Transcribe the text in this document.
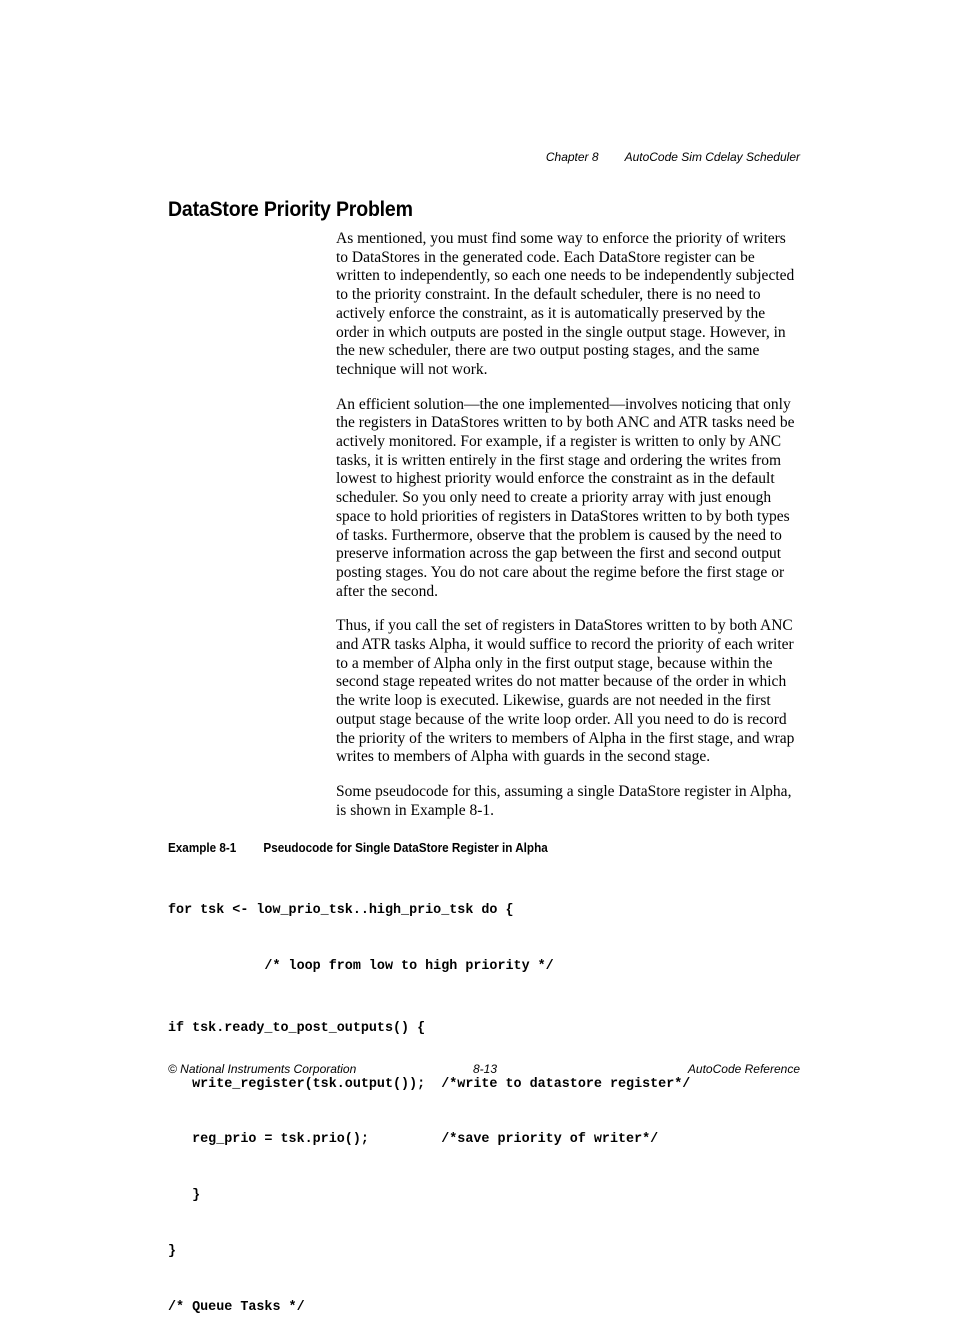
Chapter 8 AutoCode Sim Cdelay Scheduler
DataStore Priority Problem

As mentioned, you must find some way to enforce the priority of writers to DataStores in the generated code. Each DataStore register can be written to independently, so each one needs to be independently subjected to the priority constraint. In the default scheduler, there is no need to actively enforce the constraint, as it is automatically preserved by the order in which outputs are posted in the single output stage. However, in the new scheduler, there are two output posting stages, and the same technique will not work.

An efficient solution—the one implemented—involves noticing that only the registers in DataStores written to by both ANC and ATR tasks need be actively monitored. For example, if a register is written to only by ANC tasks, it is written entirely in the first stage and ordering the writes from lowest to highest priority would enforce the constraint as in the default scheduler. So you only need to create a priority array with just enough space to hold priorities of registers in DataStores written to by both types of tasks. Furthermore, observe that the problem is caused by the need to preserve information across the gap between the first and second output posting stages. You do not care about the regime before the first stage or after the second.

Thus, if you call the set of registers in DataStores written to by both ANC and ATR tasks Alpha, it would suffice to record the priority of each writer to a member of Alpha only in the first output stage, because within the second stage repeated writes do not matter because of the order in which the write loop is executed. Likewise, guards are not needed in the first output stage because of the write loop order. All you need to do is record the priority of the writers to members of Alpha in the first stage, and wrap writes to members of Alpha with guards in the second stage.

Some pseudocode for this, assuming a single DataStore register in Alpha, is shown in Example 8-1.

Example 8-1 Pseudocode for Single DataStore Register in Alpha

for tsk <- low_prio_tsk..high_prio_tsk do {

/* loop from low to high priority */

if tsk.ready_to_post_outputs() {

write_register(tsk.output());  /*write to datastore register*/

reg_prio = tsk.prio();         /*save priority of writer*/

}

}

/* Queue Tasks */

© National Instruments Corporation	8-13	AutoCode Reference
